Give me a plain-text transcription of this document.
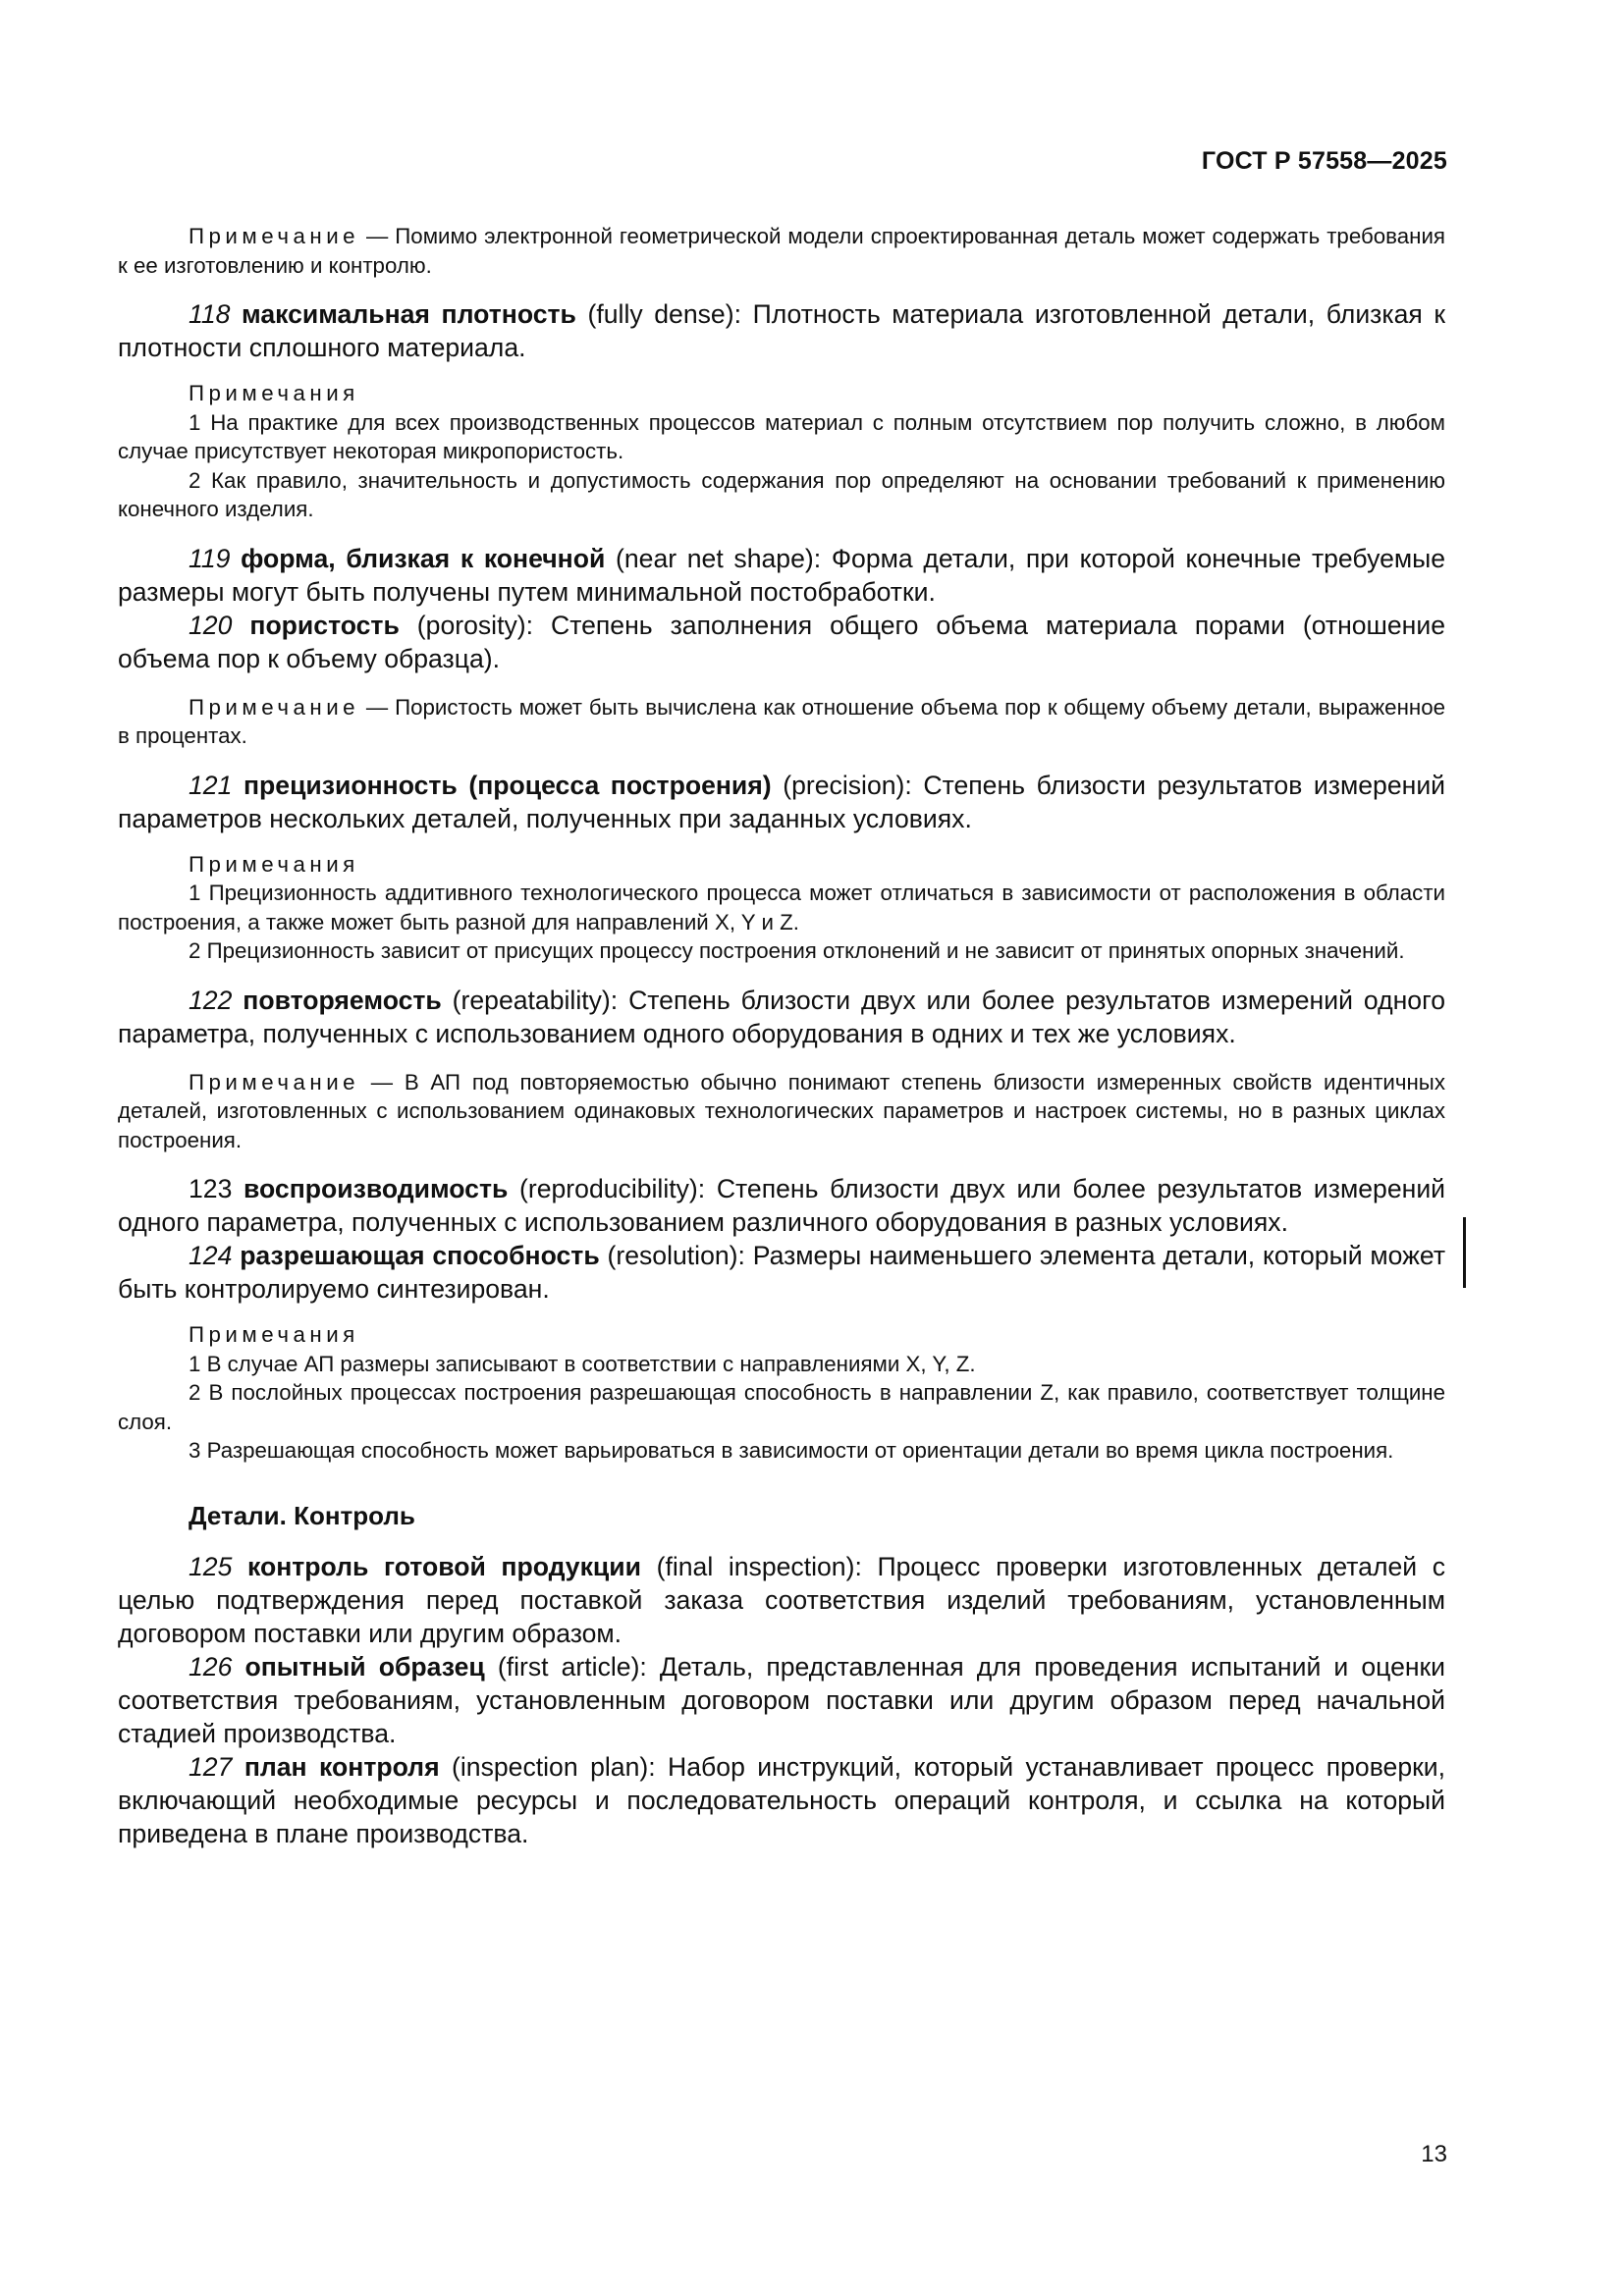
ГОСТ Р 57558—2025

Примечание — Помимо электронной геометрической модели спроектированная деталь может содержать требования к ее изготовлению и контролю.

118 максимальная плотность (fully dense): Плотность материала изготовленной детали, близкая к плотности сплошного материала.

Примечания

1 На практике для всех производственных процессов материал с полным отсутствием пор получить сложно, в любом случае присутствует некоторая микропористость.

2 Как правило, значительность и допустимость содержания пор определяют на основании требований к применению конечного изделия.

119 форма, близкая к конечной (near net shape): Форма детали, при которой конечные требуемые размеры могут быть получены путем минимальной постобработки.

120 пористость (porosity): Степень заполнения общего объема материала порами (отношение объема пор к объему образца).

Примечание — Пористость может быть вычислена как отношение объема пор к общему объему детали, выраженное в процентах.

121 прецизионность (процесса построения) (precision): Степень близости результатов измерений параметров нескольких деталей, полученных при заданных условиях.

Примечания

1 Прецизионность аддитивного технологического процесса может отличаться в зависимости от расположения в области построения, а также может быть разной для направлений X, Y и Z.

2 Прецизионность зависит от присущих процессу построения отклонений и не зависит от принятых опорных значений.

122 повторяемость (repeatability): Степень близости двух или более результатов измерений одного параметра, полученных с использованием одного оборудования в одних и тех же условиях.

Примечание — В АП под повторяемостью обычно понимают степень близости измеренных свойств идентичных деталей, изготовленных с использованием одинаковых технологических параметров и настроек системы, но в разных циклах построения.

123 воспроизводимость (reproducibility): Степень близости двух или более результатов измерений одного параметра, полученных с использованием различного оборудования в разных условиях.

124 разрешающая способность (resolution): Размеры наименьшего элемента детали, который может быть контролируемо синтезирован.

Примечания

1 В случае АП размеры записывают в соответствии с направлениями X, Y, Z.

2 В послойных процессах построения разрешающая способность в направлении Z, как правило, соответствует толщине слоя.

3 Разрешающая способность может варьироваться в зависимости от ориентации детали во время цикла построения.

Детали. Контроль

125 контроль готовой продукции (final inspection): Процесс проверки изготовленных деталей с целью подтверждения перед поставкой заказа соответствия изделий требованиям, установленным договором поставки или другим образом.

126 опытный образец (first article): Деталь, представленная для проведения испытаний и оценки соответствия требованиям, установленным договором поставки или другим образом перед начальной стадией производства.

127 план контроля (inspection plan): Набор инструкций, который устанавливает процесс проверки, включающий необходимые ресурсы и последовательность операций контроля, и ссылка на который приведена в плане производства.

13
